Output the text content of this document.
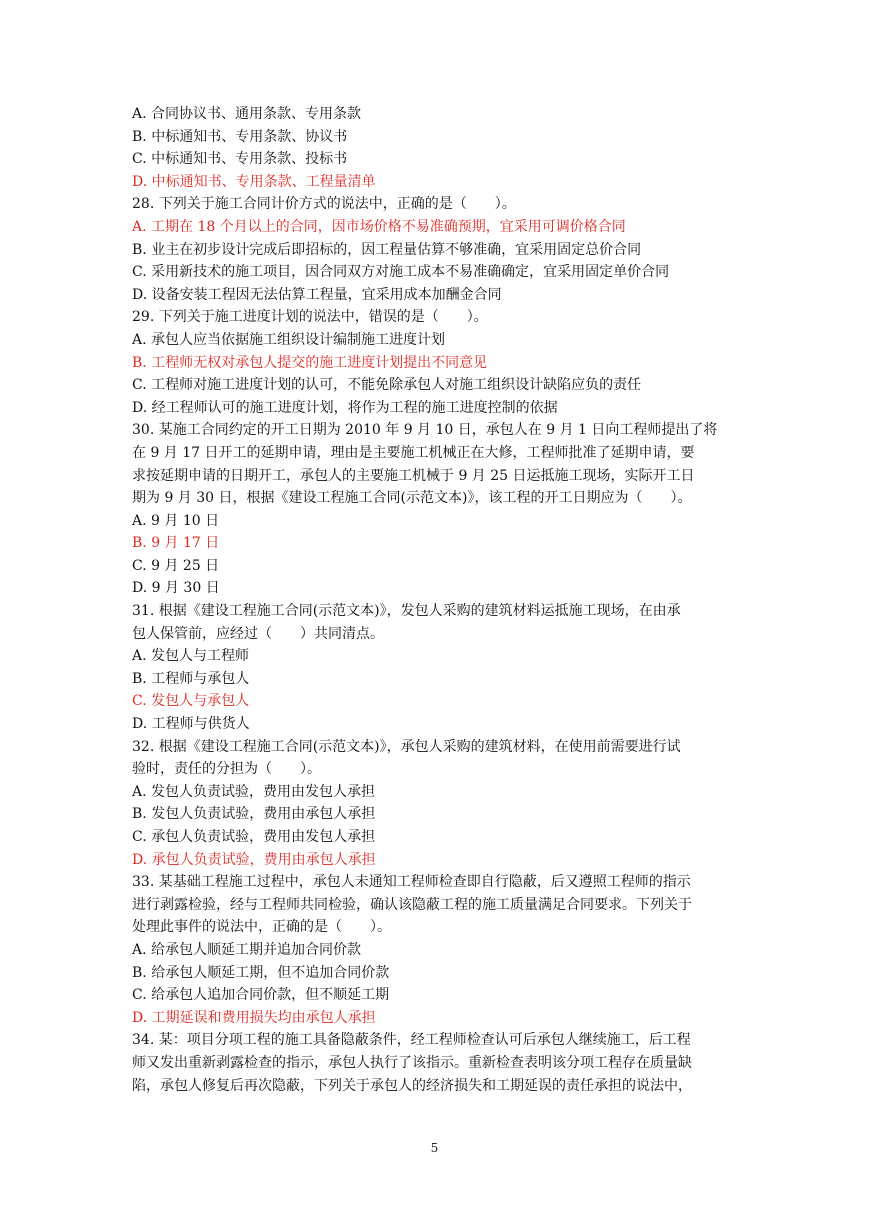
A. 合同协议书、通用条款、专用条款
B. 中标通知书、专用条款、协议书
C. 中标通知书、专用条款、投标书
D. 中标通知书、专用条款、工程量清单
28. 下列关于施工合同计价方式的说法中，正确的是（　　）。
A. 工期在 18 个月以上的合同，因市场价格不易准确预期，宜采用可调价格合同
B. 业主在初步设计完成后即招标的，因工程量估算不够准确，宜采用固定总价合同
C. 采用新技术的施工项目，因合同双方对施工成本不易准确确定，宜采用固定单价合同
D. 设备安装工程因无法估算工程量，宜采用成本加酬金合同
29. 下列关于施工进度计划的说法中，错误的是（　　）。
A. 承包人应当依据施工组织设计编制施工进度计划
B. 工程师无权对承包人提交的施工进度计划提出不同意见
C. 工程师对施工进度计划的认可，不能免除承包人对施工组织设计缺陷应负的责任
D. 经工程师认可的施工进度计划，将作为工程的施工进度控制的依据
30. 某施工合同约定的开工日期为 2010 年 9 月 10 日，承包人在 9 月 1 日向工程师提出了将
在 9 月 17 日开工的延期申请，理由是主要施工机械正在大修，工程师批准了延期申请，要
求按延期申请的日期开工，承包人的主要施工机械于 9 月 25 日运抵施工现场，实际开工日
期为 9 月 30 日，根据《建设工程施工合同(示范文本)》，该工程的开工日期应为（　　）。
A. 9 月 10 日
B. 9 月 17 日
C. 9 月 25 日
D. 9 月 30 日
31. 根据《建设工程施工合同(示范文本)》，发包人采购的建筑材料运抵施工现场，在由承
包人保管前，应经过（　　）共同清点。
A. 发包人与工程师
B. 工程师与承包人
C. 发包人与承包人
D. 工程师与供货人
32. 根据《建设工程施工合同(示范文本)》，承包人采购的建筑材料，在使用前需要进行试
验时，责任的分担为（　　）。
A. 发包人负责试验，费用由发包人承担
B. 发包人负责试验，费用由承包人承担
C. 承包人负责试验，费用由发包人承担
D. 承包人负责试验，费用由承包人承担
33. 某基础工程施工过程中，承包人未通知工程师检查即自行隐蔽，后又遵照工程师的指示
进行剥露检验，经与工程师共同检验，确认该隐蔽工程的施工质量满足合同要求。下列关于
处理此事件的说法中，正确的是（　　）。
A. 给承包人顺延工期并追加合同价款
B. 给承包人顺延工期，但不追加合同价款
C. 给承包人追加合同价款，但不顺延工期
D. 工期延误和费用损失均由承包人承担
34. 某：项目分项工程的施工具备隐蔽条件，经工程师检查认可后承包人继续施工，后工程
师又发出重新剥露检查的指示，承包人执行了该指示。重新检查表明该分项工程存在质量缺
陷，承包人修复后再次隐蔽，下列关于承包人的经济损失和工期延误的责任承担的说法中，
5
